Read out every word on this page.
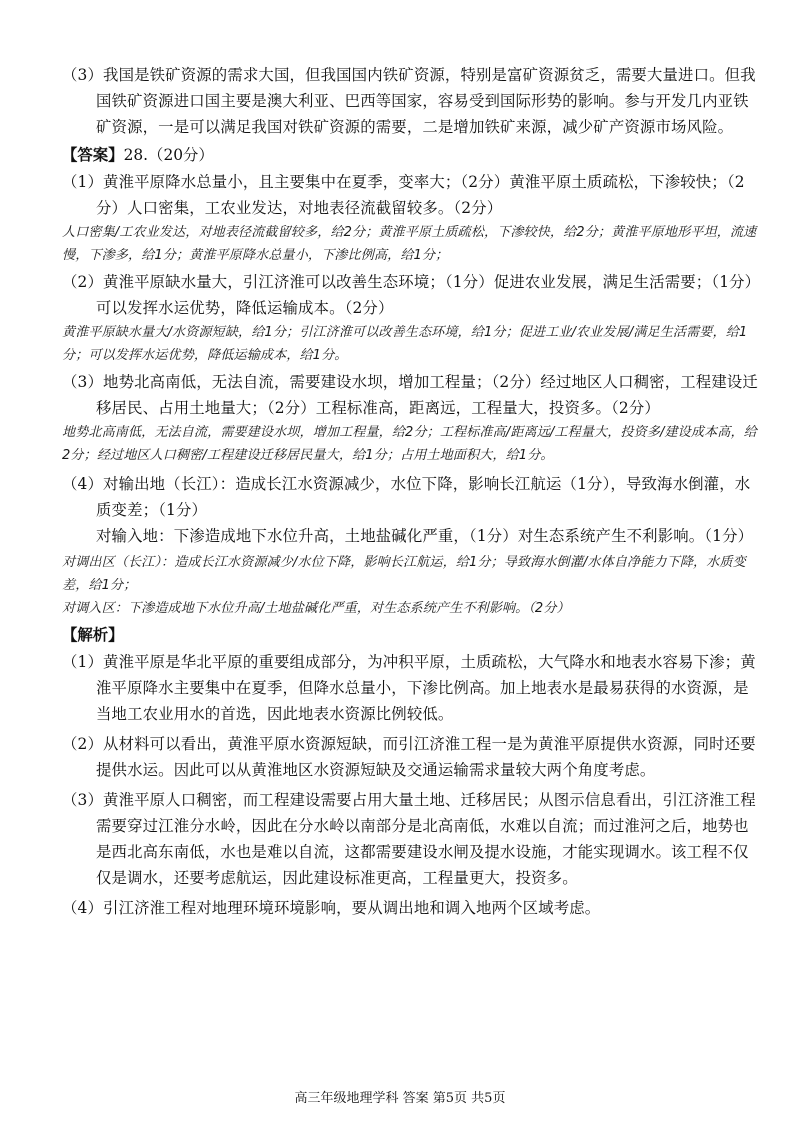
（3）我国是铁矿资源的需求大国，但我国国内铁矿资源，特别是富矿资源贫乏，需要大量进口。但我国铁矿资源进口国主要是澳大利亚、巴西等国家，容易受到国际形势的影响。参与开发几内亚铁矿资源，一是可以满足我国对铁矿资源的需要，二是增加铁矿来源，减少矿产资源市场风险。

【答案】28.（20分）

（1）黄淮平原降水总量小，且主要集中在夏季，变率大；（2分）黄淮平原土质疏松，下渗较快；（2分）人口密集，工农业发达，对地表径流截留较多。（2分）

人口密集/工农业发达，对地表径流截留较多，给2分；黄淮平原土质疏松，下渗较快，给2分；黄淮平原地形平坦，流速慢，下渗多，给1分；黄淮平原降水总量小，下渗比例高，给1分；

（2）黄淮平原缺水量大，引江济淮可以改善生态环境；（1分）促进农业发展，满足生活需要；（1分）可以发挥水运优势，降低运输成本。（2分）

黄淮平原缺水量大/水资源短缺，给1分；引江济淮可以改善生态环境，给1分；促进工业/农业发展/满足生活需要，给1分；可以发挥水运优势，降低运输成本，给1分。

（3）地势北高南低，无法自流，需要建设水坝，增加工程量；（2分）经过地区人口稠密，工程建设迁移居民、占用土地量大；（2分）工程标准高，距离远，工程量大，投资多。（2分）

地势北高南低，无法自流，需要建设水坝，增加工程量，给2分；工程标准高/距离远/工程量大，投资多/建设成本高，给2分；经过地区人口稠密/工程建设迁移居民量大，给1分；占用土地面积大，给1分。

（4）对输出地（长江）：造成长江水资源减少，水位下降，影响长江航运（1分），导致海水倒灌，水质变差；（1分）

对输入地：下渗造成地下水位升高，土地盐碱化严重，（1分）对生态系统产生不利影响。（1分）

对调出区（长江）：造成长江水资源减少/水位下降，影响长江航运，给1分；导致海水倒灌/水体自净能力下降，水质变差，给1分；

对调入区：下渗造成地下水位升高/土地盐碱化严重，对生态系统产生不利影响。（2分）

【解析】

（1）黄淮平原是华北平原的重要组成部分，为冲积平原，土质疏松，大气降水和地表水容易下渗；黄淮平原降水主要集中在夏季，但降水总量小，下渗比例高。加上地表水是最易获得的水资源，是当地工农业用水的首选，因此地表水资源比例较低。

（2）从材料可以看出，黄淮平原水资源短缺，而引江济淮工程一是为黄淮平原提供水资源，同时还要提供水运。因此可以从黄淮地区水资源短缺及交通运输需求量较大两个角度考虑。

（3）黄淮平原人口稠密，而工程建设需要占用大量土地、迁移居民；从图示信息看出，引江济淮工程需要穿过江淮分水岭，因此在分水岭以南部分是北高南低，水难以自流；而过淮河之后，地势也是西北高东南低，水也是难以自流，这都需要建设水闸及提水设施，才能实现调水。该工程不仅仅是调水，还要考虑航运，因此建设标准更高，工程量更大，投资多。

（4）引江济淮工程对地理环境环境影响，要从调出地和调入地两个区域考虑。

高三年级地理学科 答案 第5页 共5页
